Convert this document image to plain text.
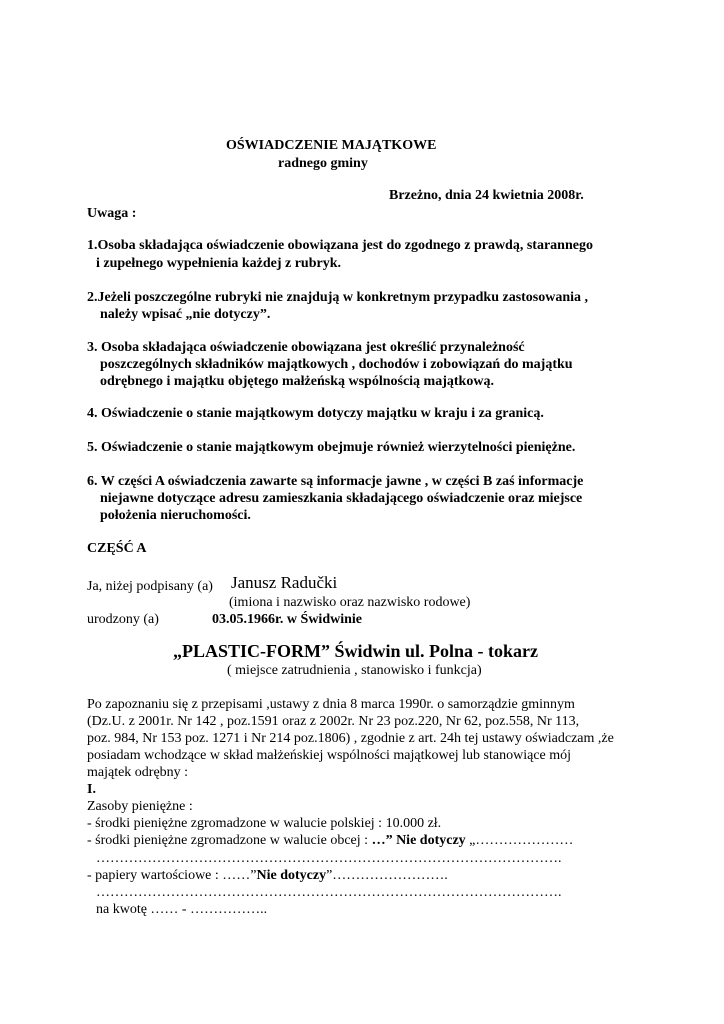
OŚWIADCZENIE MAJĄTKOWE
radnego gminy
Brzeżno, dnia 24 kwietnia 2008r.
Uwaga :
1.Osoba składająca oświadczenie obowiązana jest do zgodnego z prawdą, starannego
i zupełnego wypełnienia każdej z rubryk.
2.Jeżeli poszczególne rubryki nie znajdują w konkretnym przypadku zastosowania ,
należy wpisać „nie dotyczy”.
3. Osoba składająca oświadczenie obowiązana jest określić przynależność
poszczególnych składników majątkowych , dochodów i zobowiązań do majątku
odrębnego i majątku objętego małżeńską wspólnością majątkową.
4. Oświadczenie o stanie majątkowym dotyczy majątku w kraju i za granicą.
5. Oświadczenie o stanie majątkowym obejmuje również wierzytelności pieniężne.
6. W części A oświadczenia zawarte są informacje jawne , w części B zaś informacje
niejawne dotyczące adresu zamieszkania składającego oświadczenie oraz miejsce
położenia nieruchomości.
CZĘŚĆ A
Ja, niżej podpisany (a) Janusz Radučki
(imiona i nazwisko oraz nazwisko rodowe)
urodzony (a)	03.05.1966r. w Świdwinie
„PLASTIC-FORM” Świdwin ul. Polna - tokarz
( miejsce zatrudnienia , stanowisko i funkcja)
Po zapoznaniu się z przepisami ,ustawy z dnia 8 marca 1990r. o samorządzie gminnym
(Dz.U. z 2001r. Nr 142 , poz.1591 oraz z 2002r. Nr 23 poz.220, Nr 62, poz.558, Nr 113,
poz. 984, Nr 153 poz. 1271 i Nr 214 poz.1806) , zgodnie z art. 24h tej ustawy oświadczam ,że
posiadam wchodzące w skład małżeńskiej wspólności majątkowej lub stanowiące mój
majątek odrębny :
I.
Zasoby pieniężne :
- środki pieniężne zgromadzone w walucie polskiej : 10.000 zł.
- środki pieniężne zgromadzone w walucie obcej : …” Nie dotyczy „…………………
……………………………………………………………………………………….
- papiery wartościowe : ……”Nie dotyczy”…………………….
……………………………………………………………………………………….
na kwotę …… - ……………..
